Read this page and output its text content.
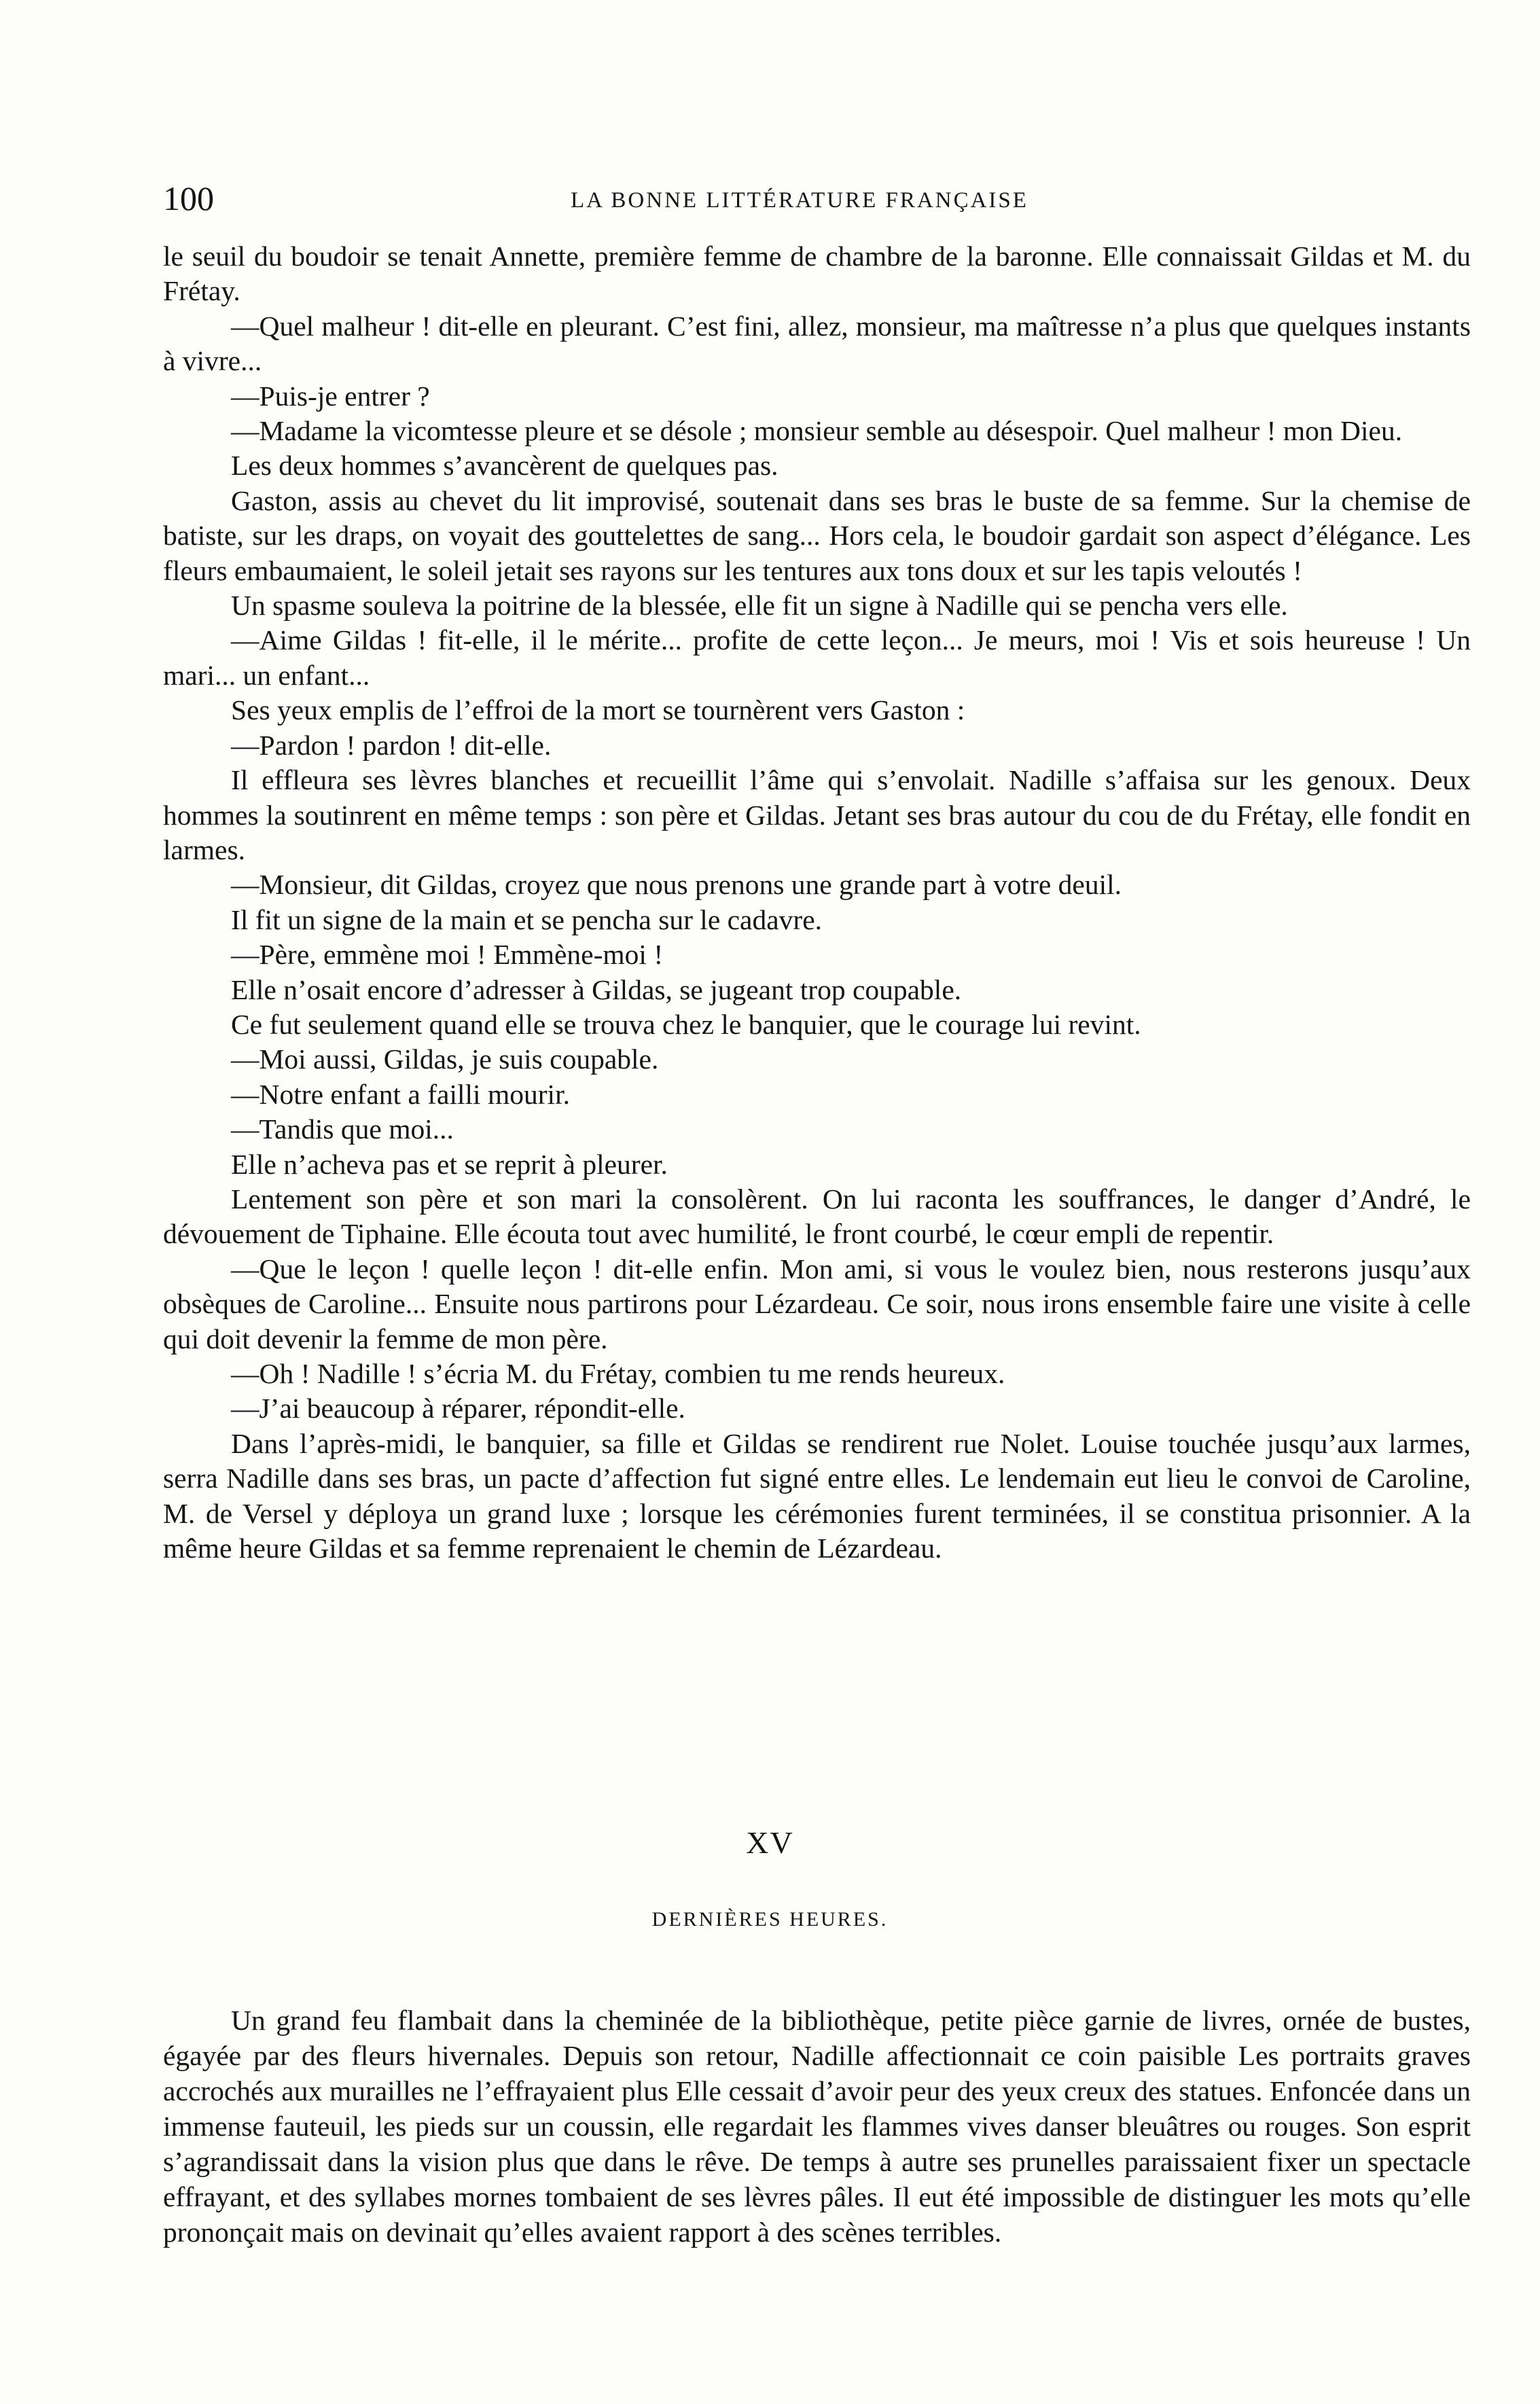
100	LA BONNE LITTÉRATURE FRANÇAISE

le seuil du boudoir se tenait Annette, première femme de chambre de la baronne. Elle connaissait Gildas et M. du Frétay.

—Quel malheur ! dit-elle en pleurant. C’est fini, allez, monsieur, ma maîtresse n’a plus que quelques instants à vivre...

—Puis-je entrer ?

—Madame la vicomtesse pleure et se désole ; monsieur semble au désespoir. Quel malheur ! mon Dieu.

Les deux hommes s’avancèrent de quelques pas.

Gaston, assis au chevet du lit improvisé, soutenait dans ses bras le buste de sa femme. Sur la chemise de batiste, sur les draps, on voyait des gouttelettes de sang... Hors cela, le boudoir gardait son aspect d’élégance. Les fleurs embaumaient, le soleil jetait ses rayons sur les tentures aux tons doux et sur les tapis veloutés !

Un spasme souleva la poitrine de la blessée, elle fit un signe à Nadille qui se pencha vers elle.

—Aime Gildas ! fit-elle, il le mérite... profite de cette leçon... Je meurs, moi ! Vis et sois heureuse ! Un mari... un enfant...

Ses yeux emplis de l’effroi de la mort se tournèrent vers Gaston :

—Pardon ! pardon ! dit-elle.

Il effleura ses lèvres blanches et recueillit l’âme qui s’envolait. Nadille s’affaisa sur les genoux. Deux hommes la soutinrent en même temps : son père et Gildas. Jetant ses bras autour du cou de du Frétay, elle fondit en larmes.

—Monsieur, dit Gildas, croyez que nous prenons une grande part à votre deuil.

Il fit un signe de la main et se pencha sur le cadavre.

—Père, emmène moi ! Emmène-moi !

Elle n’osait encore d’adresser à Gildas, se jugeant trop coupable.

Ce fut seulement quand elle se trouva chez le banquier, que le courage lui revint.

—Moi aussi, Gildas, je suis coupable.

—Notre enfant a failli mourir.

—Tandis que moi...

Elle n’acheva pas et se reprit à pleurer.

Lentement son père et son mari la consolèrent. On lui raconta les souffrances, le danger d’André, le dévouement de Tiphaine. Elle écouta tout avec humilité, le front courbé, le cœur empli de repentir.

—Que le leçon ! quelle leçon ! dit-elle enfin. Mon ami, si vous le voulez bien, nous resterons jusqu’aux obsèques de Caroline... Ensuite nous partirons pour Lézardeau. Ce soir, nous irons ensemble faire une visite à celle qui doit devenir la femme de mon père.

—Oh ! Nadille ! s’écria M. du Frétay, combien tu me rends heureux.

—J’ai beaucoup à réparer, répondit-elle.

Dans l’après-midi, le banquier, sa fille et Gildas se rendirent rue Nolet. Louise touchée jusqu’aux larmes, serra Nadille dans ses bras, un pacte d’affection fut signé entre elles. Le lendemain eut lieu le convoi de Caroline, M. de Versel y déploya un grand luxe ; lorsque les cérémonies furent terminées, il se constitua prisonnier. A la même heure Gildas et sa femme reprenaient le chemin de Lézardeau.

XV
DERNIÈRES HEURES.

Un grand feu flambait dans la cheminée de la bibliothèque, petite pièce garnie de livres, ornée de bustes, égayée par des fleurs hivernales. Depuis son retour, Nadille affectionnait ce coin paisible Les portraits graves accrochés aux murailles ne l’effrayaient plus Elle cessait d’avoir peur des yeux creux des statues. Enfoncée dans un immense fauteuil, les pieds sur un coussin, elle regardait les flammes vives danser bleuâtres ou rouges. Son esprit s’agrandissait dans la vision plus que dans le rêve. De temps à autre ses prunelles paraissaient fixer un spectacle effrayant, et des syllabes mornes tombaient de ses lèvres pâles. Il eut été impossible de distinguer les mots qu’elle prononçait mais on devinait qu’elles avaient rapport à des scènes terribles.
